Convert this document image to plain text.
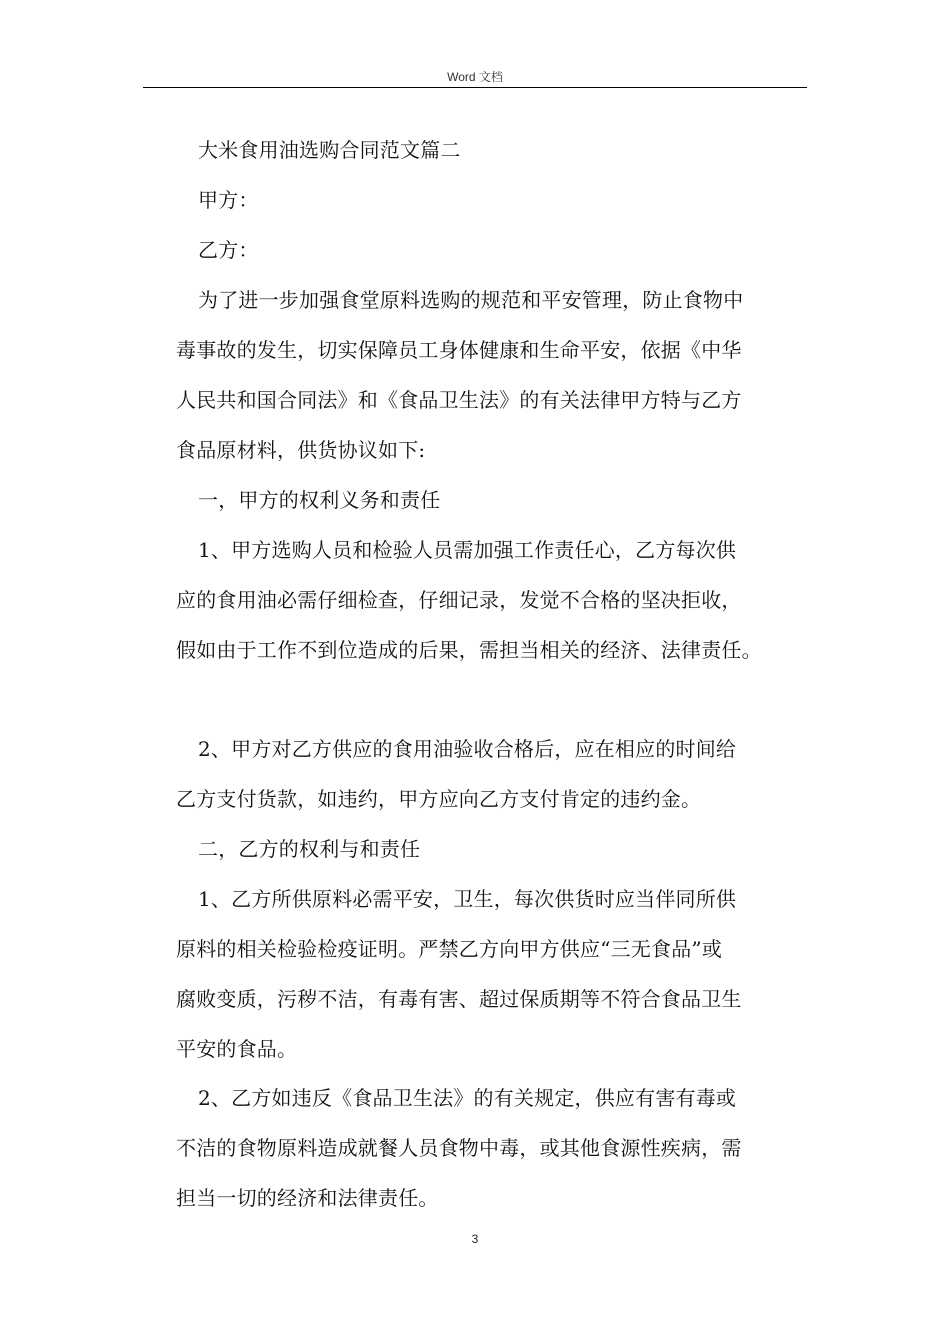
Word 文档
大米食用油选购合同范文篇二
甲方：
乙方：
为了进一步加强食堂原料选购的规范和平安管理，防止食物中
毒事故的发生，切实保障员工身体健康和生命平安，依据《中华
人民共和国合同法》和《食品卫生法》的有关法律甲方特与乙方
食品原材料，供货协议如下:
一，甲方的权利义务和责任
1、甲方选购人员和检验人员需加强工作责任心，乙方每次供
应的食用油必需仔细检查，仔细记录，发觉不合格的坚决拒收，
假如由于工作不到位造成的后果，需担当相关的经济、法律责任。
2、甲方对乙方供应的食用油验收合格后，应在相应的时间给
乙方支付货款，如违约，甲方应向乙方支付肯定的违约金。
二，乙方的权利与和责任
1、乙方所供原料必需平安，卫生，每次供货时应当伴同所供
原料的相关检验检疫证明。严禁乙方向甲方供应“三无食品”或
腐败变质，污秽不洁，有毒有害、超过保质期等不符合食品卫生
平安的食品。
2、乙方如违反《食品卫生法》的有关规定，供应有害有毒或
不洁的食物原料造成就餐人员食物中毒，或其他食源性疾病，需
担当一切的经济和法律责任。
3
